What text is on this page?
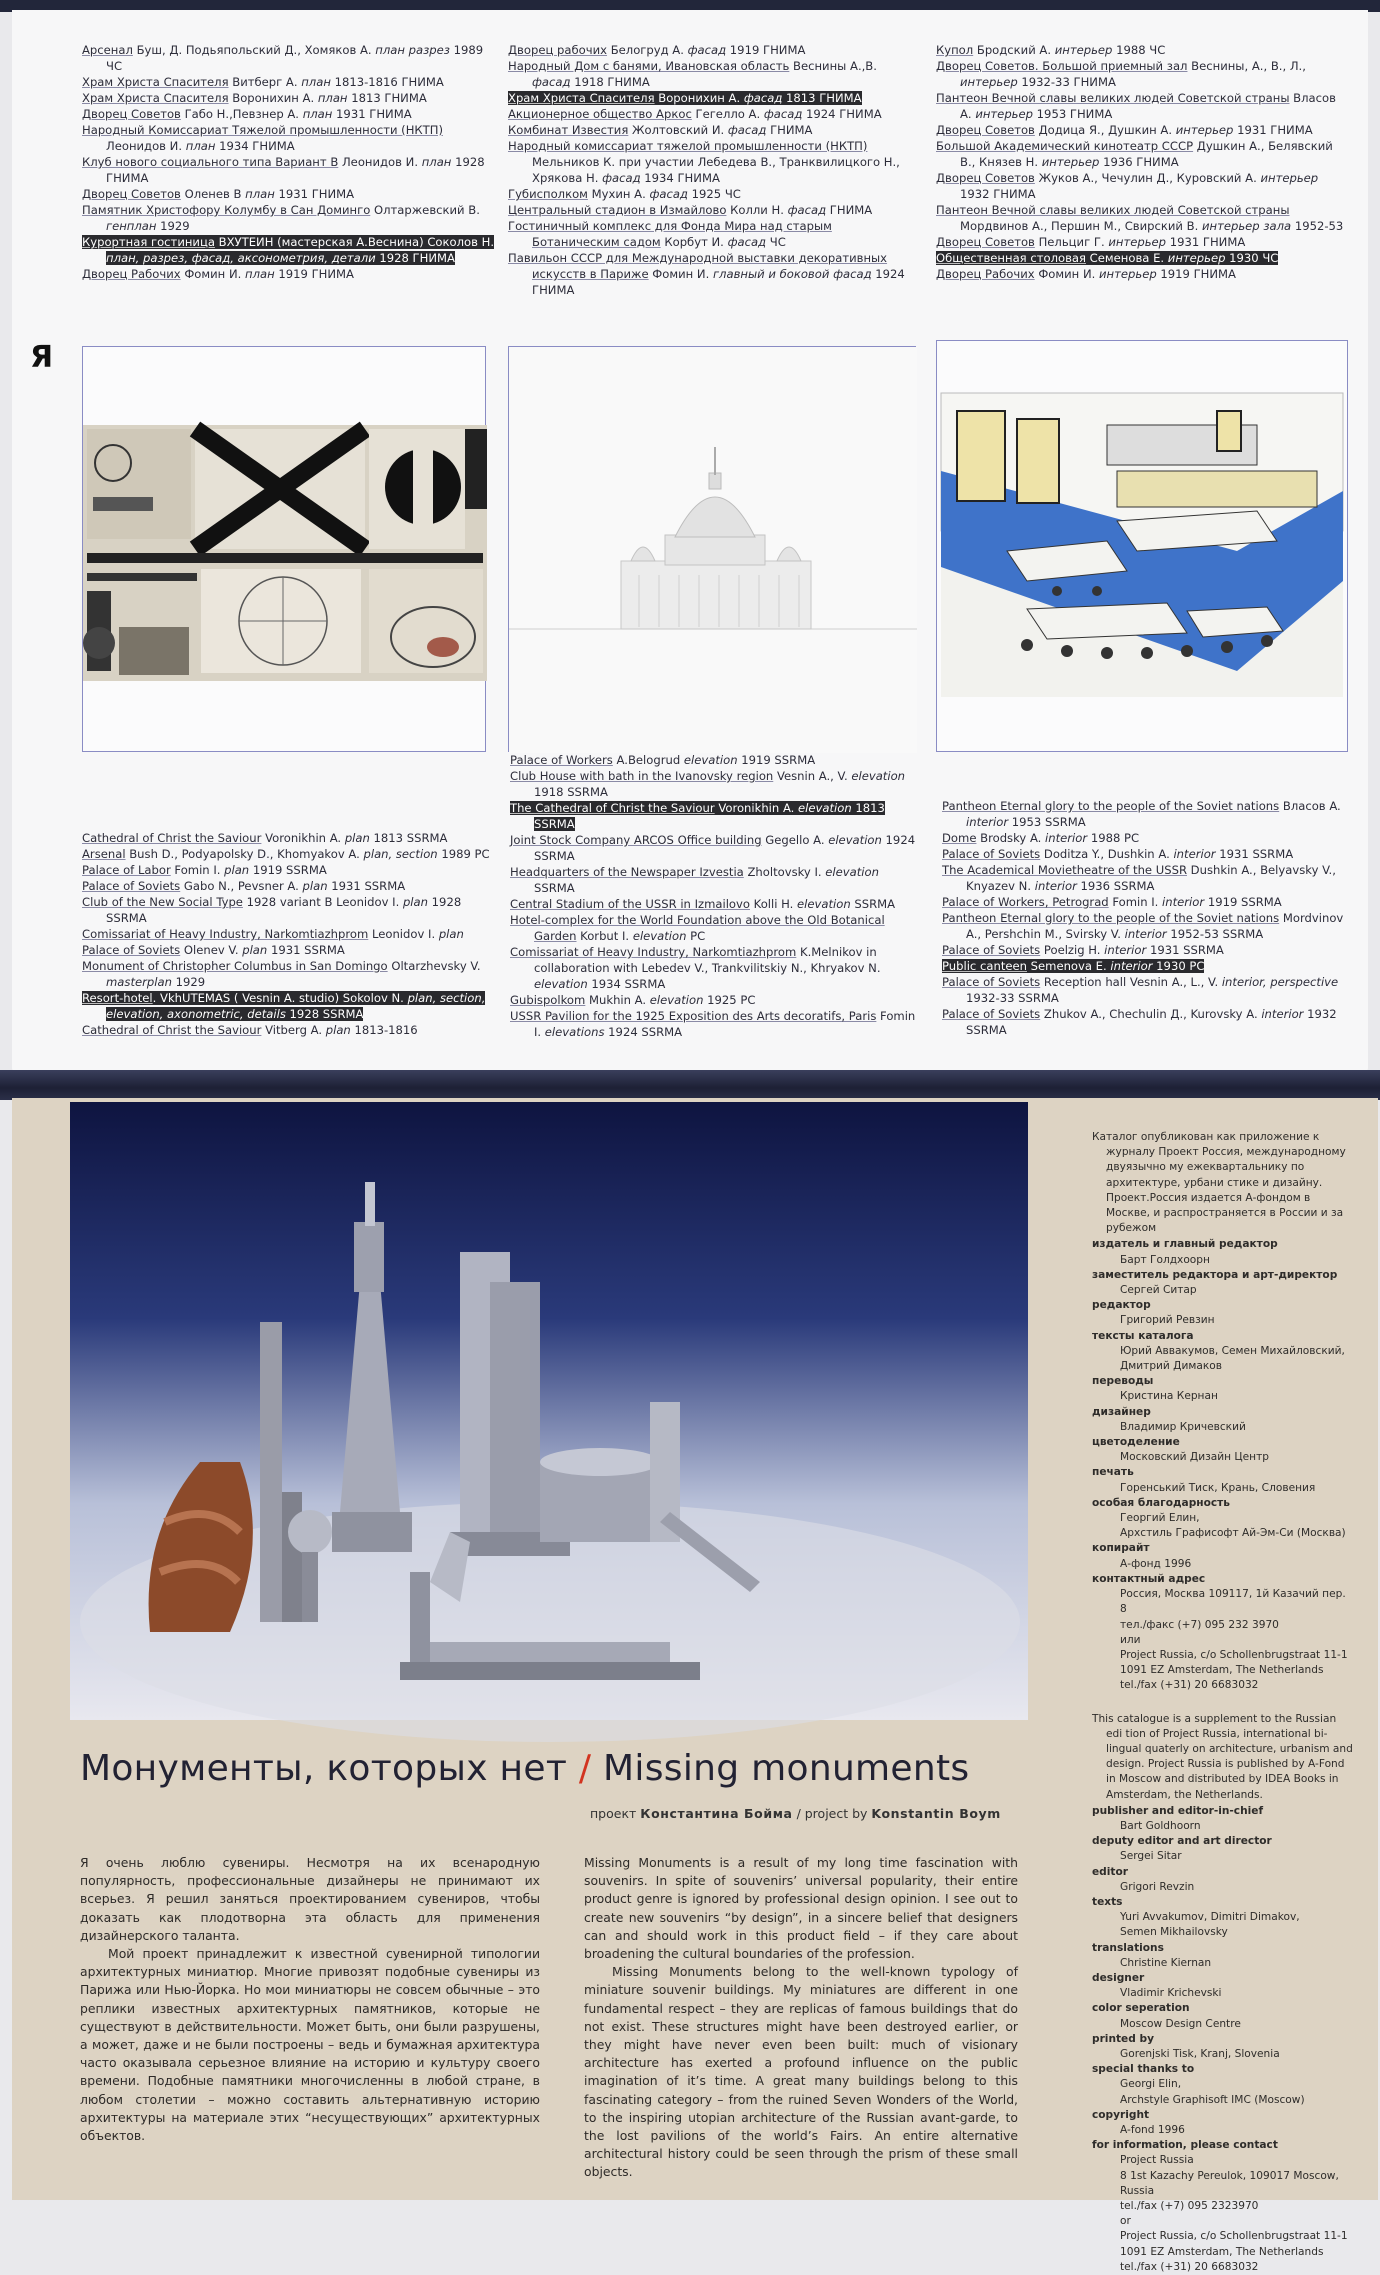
Арсенал Буш, Д. Подьяпольский Д., Хомяков А. план разрез 1989 ЧС
Храм Христа Спасителя Витберг А. план 1813-1816 ГНИМА
Храм Христа Спасителя Воронихин А. план 1813 ГНИМА
Дворец Советов Габо Н.,Певзнер А. план 1931 ГНИМА
Народный Комиссариат Тяжелой промышленности (НКТП) Леонидов И. план 1934 ГНИМА
Клуб нового социального типа Вариант В Леонидов И. план 1928 ГНИМА
Дворец Советов Оленев В план 1931 ГНИМА
Памятник Христофору Колумбу в Сан Доминго Олтаржевский В. генплан 1929
Курортная гостиница ВХУТЕИН (мастерская А.Веснина) Соколов Н. план, разрез, фасад, аксонометрия, детали 1928 ГНИМА
Дворец Рабочих Фомин И. план 1919 ГНИМА
Дворец рабочих Белогруд А. фасад 1919 ГНИМА
Народный Дом с банями, Ивановская область Веснины А.,В. фасад 1918 ГНИМА
Храм Христа Спасителя Воронихин А. фасад 1813 ГНИМА
Акционерное общество Аркос Гегелло А. фасад 1924 ГНИМА
Комбинат Известия Жолтовский И. фасад ГНИМА
Народный комиссариат тяжелой промышленности (НКТП) Мельников К. при участии Лебедева В., Транквилицкого Н., Хрякова Н. фасад 1934 ГНИМА
Губисполком Мухин А. фасад 1925 ЧС
Центральный стадион в Измайлово Колли Н. фасад ГНИМА
Гостиничный комплекс для Фонда Мира над старым Ботаническим садом Корбут И. фасад ЧС
Павильон СССР для Международной выставки декоративных искусств в Париже Фомин И. главный и боковой фасад 1924 ГНИМА
Купол Бродский А. интерьер 1988 ЧС
Дворец Советов. Большой приемный зал Веснины, А., В., Л., интерьер 1932-33 ГНИМА
Пантеон Вечной славы великих людей Советской страны Власов А. интерьер 1953 ГНИМА
Дворец Советов Додица Я., Душкин А. интерьер 1931 ГНИМА
Большой Академический кинотеатр СССР Душкин А., Белявский В., Князев Н. интерьер 1936 ГНИМА
Дворец Советов Жуков А., Чечулин Д., Куровский А. интерьер 1932 ГНИМА
Пантеон Вечной славы великих людей Советской страны Мордвинов А., Першин М., Свирский В. интерьер зала 1952-53
Дворец Советов Пельциг Г. интерьер 1931 ГНИМА
Общественная столовая Семенова Е. интерьер 1930 ЧС
Дворец Рабочих Фомин И. интерьер 1919 ГНИМА
Я
Cathedral of Christ the Saviour Voronikhin A. plan 1813 SSRMA
Arsenal Bush D., Podyapolsky D., Khomyakov A. plan, section 1989 PC
Palace of Labor Fomin I. plan 1919 SSRMA
Palace of Soviets Gabo N., Pevsner A. plan 1931 SSRMA
Club of the New Social Type 1928 variant B Leonidov I. plan 1928 SSRMA
Comissariat of Heavy Industry, Narkomtiazhprom Leonidov I. plan
Palace of Soviets Olenev V. plan 1931 SSRMA
Monument of Christopher Columbus in San Domingo Oltarzhevsky V. masterplan 1929
Resort-hotel. VkhUTEMAS ( Vesnin A. studio) Sokolov N. plan, section, elevation, axonometric, details 1928 SSRMA
Cathedral of Christ the Saviour Vitberg A. plan 1813-1816
Palace of Workers A.Belogrud elevation 1919 SSRMA
Club House with bath in the Ivanovsky region Vesnin A., V. elevation 1918 SSRMA
The Cathedral of Christ the Saviour Voronikhin A. elevation 1813 SSRMA
Joint Stock Company ARCOS Office building Gegello A. elevation 1924 SSRMA
Headquarters of the Newspaper Izvestia Zholtovsky I. elevation SSRMA
Central Stadium of the USSR in Izmailovo Kolli H. elevation SSRMA
Hotel-complex for the World Foundation above the Old Botanical Garden Korbut I. elevation PC
Comissariat of Heavy Industry, Narkomtiazhprom K.Melnikov in collaboration with Lebedev V., Trankvilitskiy N., Khryakov N. elevation 1934 SSRMA
Gubispolkom Mukhin A. elevation 1925 PC
USSR Pavilion for the 1925 Exposition des Arts decoratifs, Paris Fomin I. elevations 1924 SSRMA
Pantheon Eternal glory to the people of the Soviet nations Власов A. interior 1953 SSRMA
Dome Brodsky A. interior 1988 PC
Palace of Soviets Doditza Y., Dushkin A. interior 1931 SSRMA
The Academical Movietheatre of the USSR Dushkin A., Belyavsky V., Knyazev N. interior 1936 SSRMA
Palace of Workers, Petrograd Fomin I. interior 1919 SSRMA
Pantheon Eternal glory to the people of the Soviet nations Mordvinov A., Pershchin M., Svirsky V. interior 1952-53 SSRMA
Palace of Soviets Poelzig H. interior 1931 SSRMA
Public canteen Semenova E. interior 1930 PC
Palace of Soviets Reception hall Vesnin A., L., V. interior, perspective 1932-33 SSRMA
Palace of Soviets Zhukov A., Chechulin Д., Kurovsky A. interior 1932 SSRMA
Каталог опубликован как приложение к журналу Проект Россия, международному двуязычно му ежеквартальнику по архитектуре, урбани стике и дизайну. Проект.Россия издается А-фондом в Москве, и распространяется в России и за рубежом
издатель и главный редактор
Барт Голдхоорн
заместитель редактора и арт-директор
Сергей Ситар
редактор
Григорий Ревзин
тексты каталога
Юрий Аввакумов, Семен Михайловский,
Дмитрий Димаков
переводы
Кристина Кернан
дизайнер
Владимир Кричевский
цветоделение
Московский Дизайн Центр
печать
Горенський Тиск, Крань, Словения
особая благодарность
Георгий Елин,
Арxстиль Графисофт Ай-Эм-Си (Москва)
копирайт
А-фонд 1996
контактный адрес
Россия, Москва 109117, 1й Казачий пер. 8
тел./факс (+7) 095 232 3970
или
Project Russia, c/o Schollenbrugstraat 11-1
1091 EZ Amsterdam, The Netherlands
tel./fax (+31) 20 6683032
This catalogue is a supplement to the Russian edi tion of Project Russia, international bi-lingual quaterly on architecture, urbanism and design. Project Russia is published by A-Fond in Moscow and distributed by IDEA Books in Amsterdam, the Netherlands.
publisher and editor-in-chief
Bart Goldhoorn
deputy editor and art director
Sergei Sitar
editor
Grigori Revzin
texts
Yuri Avvakumov, Dimitri Dimakov,
Semen Mikhailovsky
translations
Christine Kiernan
designer
Vladimir Krichevski
color seperation
Moscow Design Centre
printed by
Gorenjski Tisk, Kranj, Slovenia
special thanks to
Georgi Elin,
Archstyle Graphisoft IMC (Moscow)
copyright
A-fond 1996
for information, please contact
Project Russia
8 1st Kazachy Pereulok, 109017 Moscow, Russia
tel./fax (+7) 095 2323970
or
Project Russia, c/o Schollenbrugstraat 11-1
1091 EZ Amsterdam, The Netherlands
tel./fax (+31) 20 6683032
Монументы, которых нет / Missing monuments
проект Константина Бойма / project by Konstantin Boym

Я очень люблю сувениры. Несмотря на их всенародную популярность, профессиональные дизайнеры не принимают их всерьез. Я решил заняться проектированием сувениров, чтобы доказать как плодотворна эта область для применения дизайнерского таланта.

Мой проект принадлежит к известной сувенирной типологии архитектурных миниатюр. Многие привозят подобные сувениры из Парижа или Нью-Йорка. Но мои миниатюры не совсем обычные – это реплики известных архитектурных памятников, которые не существуют в действительности. Может быть, они были разрушены, а может, даже и не были построены – ведь и бумажная архитектура часто оказывала серьезное влияние на историю и культуру своего времени. Подобные памятники многочисленны в любой стране, в любом столетии – можно составить альтернативную историю архитектуры на материале этих “несуществующих” архитектурных объектов.

Missing Monuments is a result of my long time fascination with souvenirs. In spite of souvenirs’ universal popularity, their entire product genre is ignored by professional design opinion. I see out to create new souvenirs “by design”, in a sincere belief that designers can and should work in this product field – if they care about broadening the cultural boundaries of the profession.

Missing Monuments belong to the well-known typology of miniature souvenir buildings. My miniatures are different in one fundamental respect – they are replicas of famous buildings that do not exist. These structures might have been destroyed earlier, or they might have never even been built: much of visionary architecture has exerted a profound influence on the public imagination of it’s time. A great many buildings belong to this fascinating category – from the ruined Seven Wonders of the World, to the inspiring utopian architecture of the Russian avant-garde, to the lost pavilions of the world’s Fairs. An entire alternative architectural history could be seen through the prism of these small objects.
